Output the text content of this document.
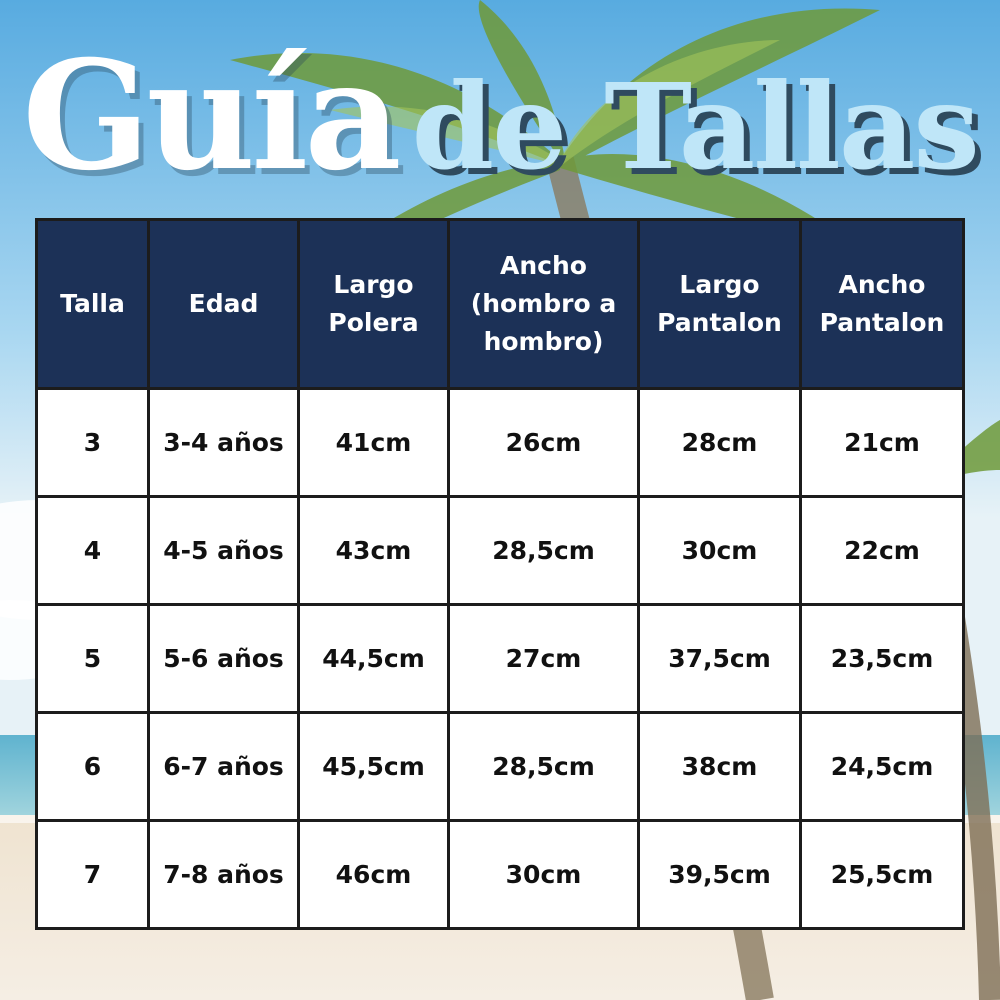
Guía de Tallas
Talla	Edad	Largo Polera	Ancho (hombro a hombro)	Largo Pantalon	Ancho Pantalon
3	3-4 años	41cm	26cm	28cm	21cm
4	4-5 años	43cm	28,5cm	30cm	22cm
5	5-6 años	44,5cm	27cm	37,5cm	23,5cm
6	6-7 años	45,5cm	28,5cm	38cm	24,5cm
7	7-8 años	46cm	30cm	39,5cm	25,5cm
